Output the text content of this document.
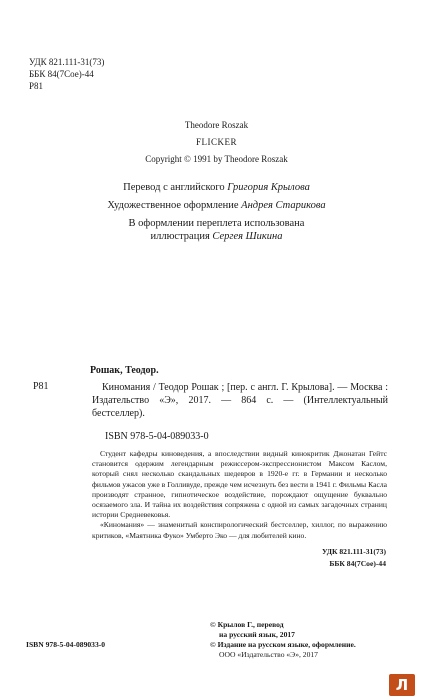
УДК 821.111-31(73)
ББК 84(7Сое)-44
Р81
Theodore Roszak
FLICKER
Copyright © 1991 by Theodore Roszak
Перевод с английского Григория Крылова
Художественное оформление Андрея Старикова
В оформлении переплета использована
иллюстрация Сергея Шикина
Рошак, Теодор.
Р81	Киномания / Теодор Рошак ; [пер. с англ. Г. Крылова]. — Москва : Издательство «Э», 2017. — 864 с. — (Интеллектуальный бестселлер).
ISBN 978-5-04-089033-0

Студент кафедры киноведения, а впоследствии видный кинокритик Джонатан Гейтс становится одержим легендарным режиссером-экспрессионистом Максом Каслом, который снял несколько скандальных шедевров в 1920-е гг. в Германии и несколько фильмов ужасов уже в Голливуде, прежде чем исчезнуть без вести в 1941 г. Фильмы Касла производят странное, гипнотическое воздействие, порождают ощущение буквально осязаемого зла. И тайна их воздействия сопряжена с одной из самых загадочных страниц истории Средневековья.

«Киномания» — знаменитый конспирологический бестселлер, хиллог, по выражению критиков, «Маятника Фуко» Умберто Эко — для любителей кино.

УДК 821.111-31(73)
ББК 84(7Сое)-44
ISBN 978-5-04-089033-0
© Крылов Г., перевод
на русский язык, 2017
© Издание на русском языке, оформление.
ООО «Издательство «Э», 2017
Л
